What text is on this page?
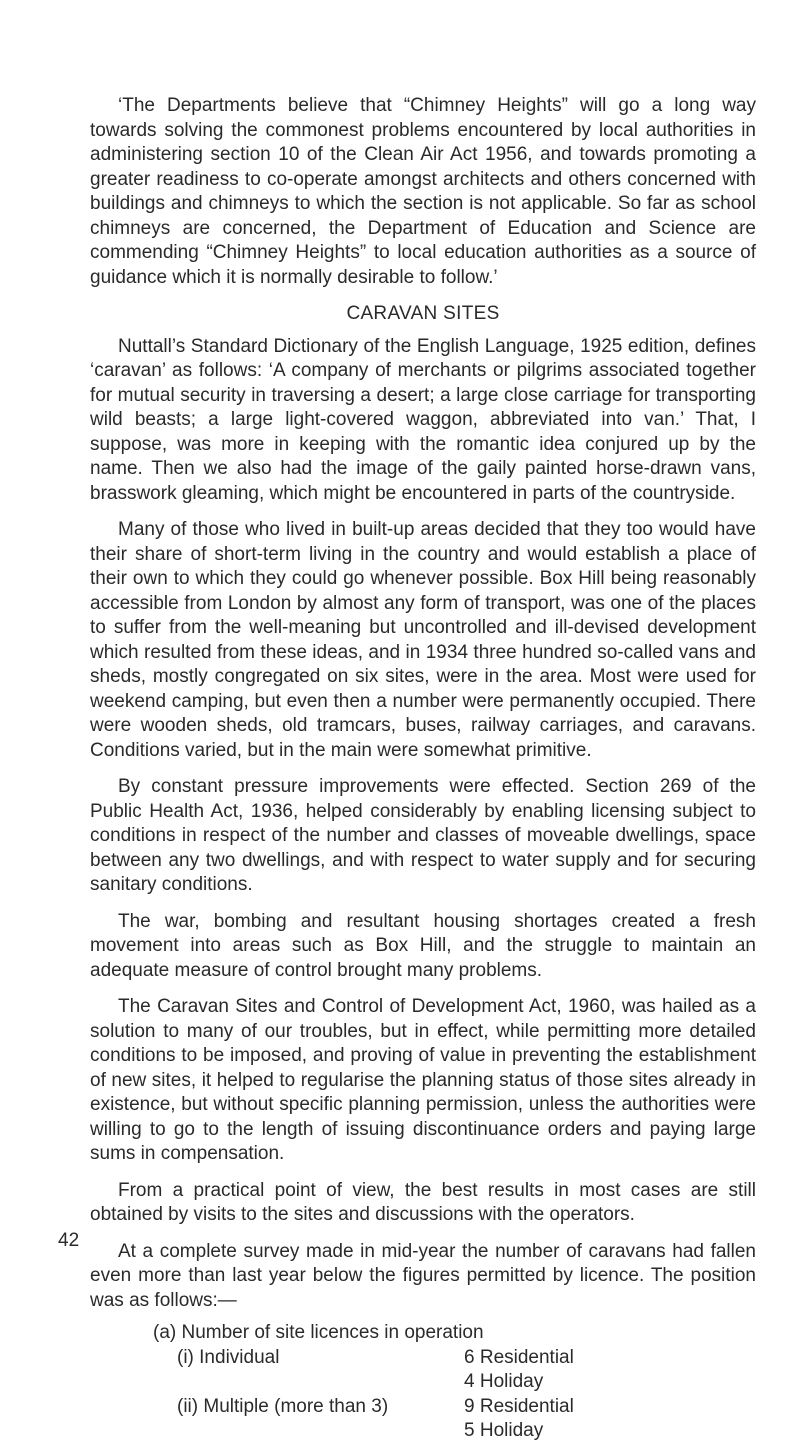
‘The Departments believe that “Chimney Heights” will go a long way towards solving the commonest problems encountered by local authorities in administering section 10 of the Clean Air Act 1956, and towards promoting a greater readiness to co-operate amongst architects and others concerned with buildings and chimneys to which the section is not applicable. So far as school chimneys are concerned, the Department of Education and Science are commending “Chimney Heights” to local education authorities as a source of guidance which it is normally desirable to follow.’

CARAVAN SITES

Nuttall’s Standard Dictionary of the English Language, 1925 edition, defines ‘caravan’ as follows: ‘A company of merchants or pilgrims associated together for mutual security in traversing a desert; a large close carriage for transporting wild beasts; a large light-covered waggon, abbreviated into van.’ That, I suppose, was more in keeping with the romantic idea conjured up by the name. Then we also had the image of the gaily painted horse-drawn vans, brasswork gleaming, which might be encountered in parts of the countryside.

Many of those who lived in built-up areas decided that they too would have their share of short-term living in the country and would establish a place of their own to which they could go whenever possible. Box Hill being reasonably accessible from London by almost any form of transport, was one of the places to suffer from the well-meaning but uncontrolled and ill-devised development which resulted from these ideas, and in 1934 three hundred so-called vans and sheds, mostly congregated on six sites, were in the area. Most were used for weekend camping, but even then a number were permanently occupied. There were wooden sheds, old tramcars, buses, railway carriages, and caravans. Conditions varied, but in the main were somewhat primitive.

By constant pressure improvements were effected. Section 269 of the Public Health Act, 1936, helped considerably by enabling licensing subject to conditions in respect of the number and classes of moveable dwellings, space between any two dwellings, and with respect to water supply and for securing sanitary conditions.

The war, bombing and resultant housing shortages created a fresh movement into areas such as Box Hill, and the struggle to maintain an adequate measure of control brought many problems.

The Caravan Sites and Control of Development Act, 1960, was hailed as a solution to many of our troubles, but in effect, while permitting more detailed conditions to be imposed, and proving of value in preventing the establishment of new sites, it helped to regularise the planning status of those sites already in existence, but without specific planning permission, unless the authorities were willing to go to the length of issuing discontinuance orders and paying large sums in compensation.

From a practical point of view, the best results in most cases are still obtained by visits to the sites and discussions with the operators.

At a complete survey made in mid-year the number of caravans had fallen even more than last year below the figures permitted by licence. The position was as follows:—

(a) Number of site licences in operation
(i) Individual	6 Residential
4 Holiday
(ii) Multiple (more than 3)	9 Residential
5 Holiday
42
